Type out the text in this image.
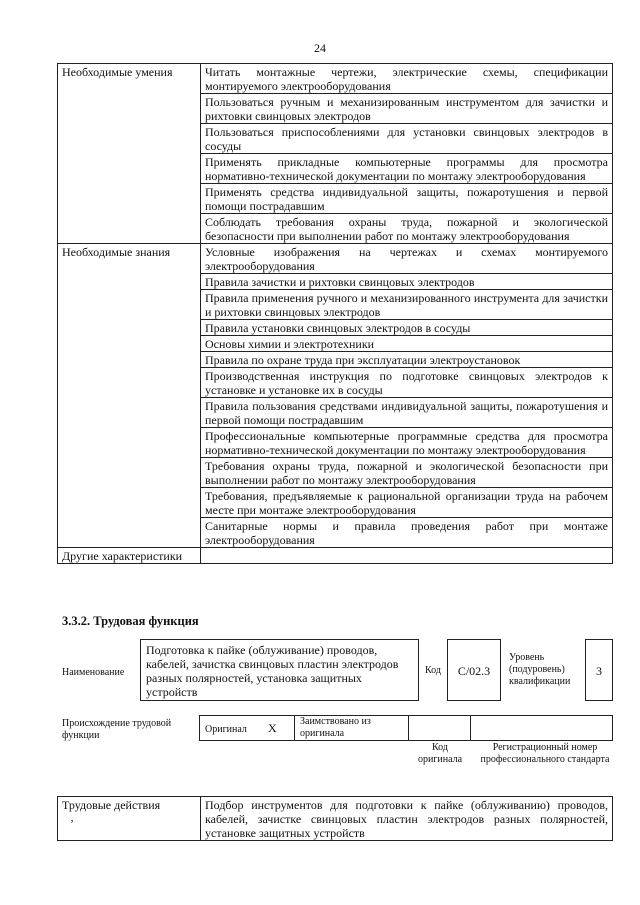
24
Необходимые умения	Читать монтажные чертежи, электрические схемы, спецификации монтируемого электрооборудования
	Пользоваться ручным и механизированным инструментом для зачистки и рихтовки свинцовых электродов
	Пользоваться приспособлениями для установки свинцовых электродов в сосуды
	Применять прикладные компьютерные программы для просмотра нормативно-технической документации по монтажу электрооборудования
	Применять средства индивидуальной защиты, пожаротушения и первой помощи пострадавшим
	Соблюдать требования охраны труда, пожарной и экологической безопасности при выполнении работ по монтажу электрооборудования
Необходимые знания	Условные изображения на чертежах и схемах монтируемого электрооборудования
	Правила зачистки и рихтовки свинцовых электродов
	Правила применения ручного и механизированного инструмента для зачистки и рихтовки свинцовых электродов
	Правила установки свинцовых электродов в сосуды
	Основы химии и электротехники
	Правила по охране труда при эксплуатации электроустановок
	Производственная инструкция по подготовке свинцовых электродов к установке и установке их в сосуды
	Правила пользования средствами индивидуальной защиты, пожаротушения и первой помощи пострадавшим
	Профессиональные компьютерные программные средства для просмотра нормативно-технической документации по монтажу электрооборудования
	Требования охраны труда, пожарной и экологической безопасности при выполнении работ по монтажу электрооборудования
	Требования, предъявляемые к рациональной организации труда на рабочем месте при монтаже электрооборудования
	Санитарные нормы и правила проведения работ при монтаже электрооборудования
Другие характеристики	
3.3.2. Трудовая функция
Наименование
Подготовка к пайке (облуживание) проводов, кабелей, зачистка свинцовых пластин электродов разных полярностей, установка защитных устройств
Код	C/02.3
Уровень (подуровень) квалификации
3
Происхождение трудовой функции
Оригинал X Заимствовано из оригинала
Код оригинала
Регистрационный номер профессионального стандарта
Трудовые действия
‚
	Подбор инструментов для подготовки к пайке (облуживанию) проводов, кабелей, зачистке свинцовых пластин электродов разных полярностей, установке защитных устройств
